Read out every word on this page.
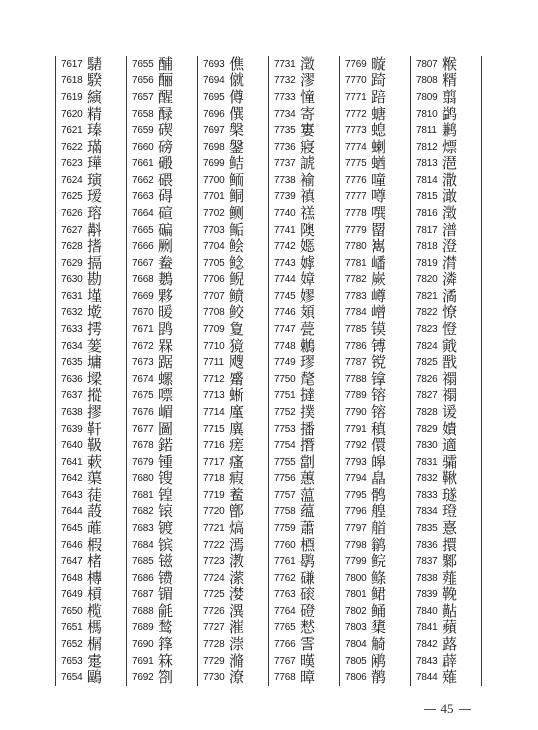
7617 騞
7618 騤
7619 縯
7620 精
7621 瑧
7622 璊
7623 璍
7624 璌
7625 瑷
7626 瑢
7627 斠
7628 搘
7629 搹
7630 勘
7631 墐
7632 墘
7633 摴
7634 蓌
7635 墉
7636 墚
7637 摐
7638 摎
7639 靬
7640 靸
7641 蔌
7642 蕖
7643 蓗
7644 蔎
7645 蓶
7646 椵
7647 楮
7648 槫
7649 槓
7650 榄
7651 榪
7652 榍
7653 疐
7654 鷗
7655 酺
7656 酾
7657 醒
7658 醁
7659 碶
7660 磅
7661 磤
7662 碨
7663 碍
7664 碹
7665 碥
7666 劂
7667 鲞
7668 鶈
7669 夥
7670 暖
7671 鹍
7672 槑
7673 踞
7674 螺
7675 嘌
7676 嵋
7677 圖
7678 鍩
7679 锺
7680 锼
7681 锽
7682 锿
7683 镀
7684 镔
7685 镃
7686 镄
7687 镅
7688 毹
7689 鹙
7690 箨
7691 箖
7692 劄
7693 僬
7694 僦
7695 僔
7696 僎
7697 槃
7698 鎜
7699 鲒
7700 鲕
7701 鲖
7702 鲗
7703 鲘
7704 鲙
7705 鲶
7706 鲵
7707 鲼
7708 鲛
7709 夐
7710 獍
7711 飕
7712 觱
7713 蜥
7714 廑
7715 廙
7716 瘥
7717 瘙
7718 瘕
7719 鲝
7720 鄫
7721 熇
7722 漹
7723 漖
7724 潆
7725 漤
7726 潩
7727 漼
7728 漴
7729 滫
7730 潦
7731 澂
7732 漻
7733 憧
7734 寄
7735 寠
7736 寢
7737 諕
7738 褕
7739 禛
7740 禚
7741 隩
7742 嫕
7743 嫭
7744 嫜
7745 嫪
7746 頍
7747 甍
7748 鶒
7749 璆
7750 氂
7751 撻
7752 撲
7753 播
7754 撍
7755 劏
7756 蕙
7757 蕰
7758 蕴
7759 蕭
7760 槱
7761 鹖
7762 磏
7763 磙
7764 磴
7765 慭
7766 霅
7767 暵
7768 暲
7769 暶
7770 踦
7771 踣
7772 螗
7773 螅
7774 蝲
7775 蝤
7776 噇
7777 噂
7778 噀
7779 罶
7780 嶲
7781 嶓
7782 嶡
7783 嶟
7784 嶒
7785 镆
7786 镈
7787 镋
7788 镎
7789 镕
7790 镕
7791 稹
7792 儇
7793 皞
7794 皛
7795 鹘
7796 艎
7797 艏
7798 鹟
7799 鲩
7800 鲦
7801 鲪
7802 鲬
7803 橥
7804 觭
7805 鹇
7806 鹡
7807 糇
7808 糈
7809 翦
7810 鹢
7811 鹣
7812 熛
7813 潖
7814 潵
7815 澉
7816 澂
7817 潽
7818 澄
7819 潸
7820 潾
7821 潏
7822 憭
7823 憕
7824 戭
7825 戬
7826 禤
7827 禤
7828 谖
7829 嬇
7830 適
7831 骦
7832 鞦
7833 璲
7834 璒
7835 憙
7836 擐
7837 鄹
7838 薤
7839 鞔
7840 黇
7841 蘋
7842 蕗
7843 薜
7844 薙
45
